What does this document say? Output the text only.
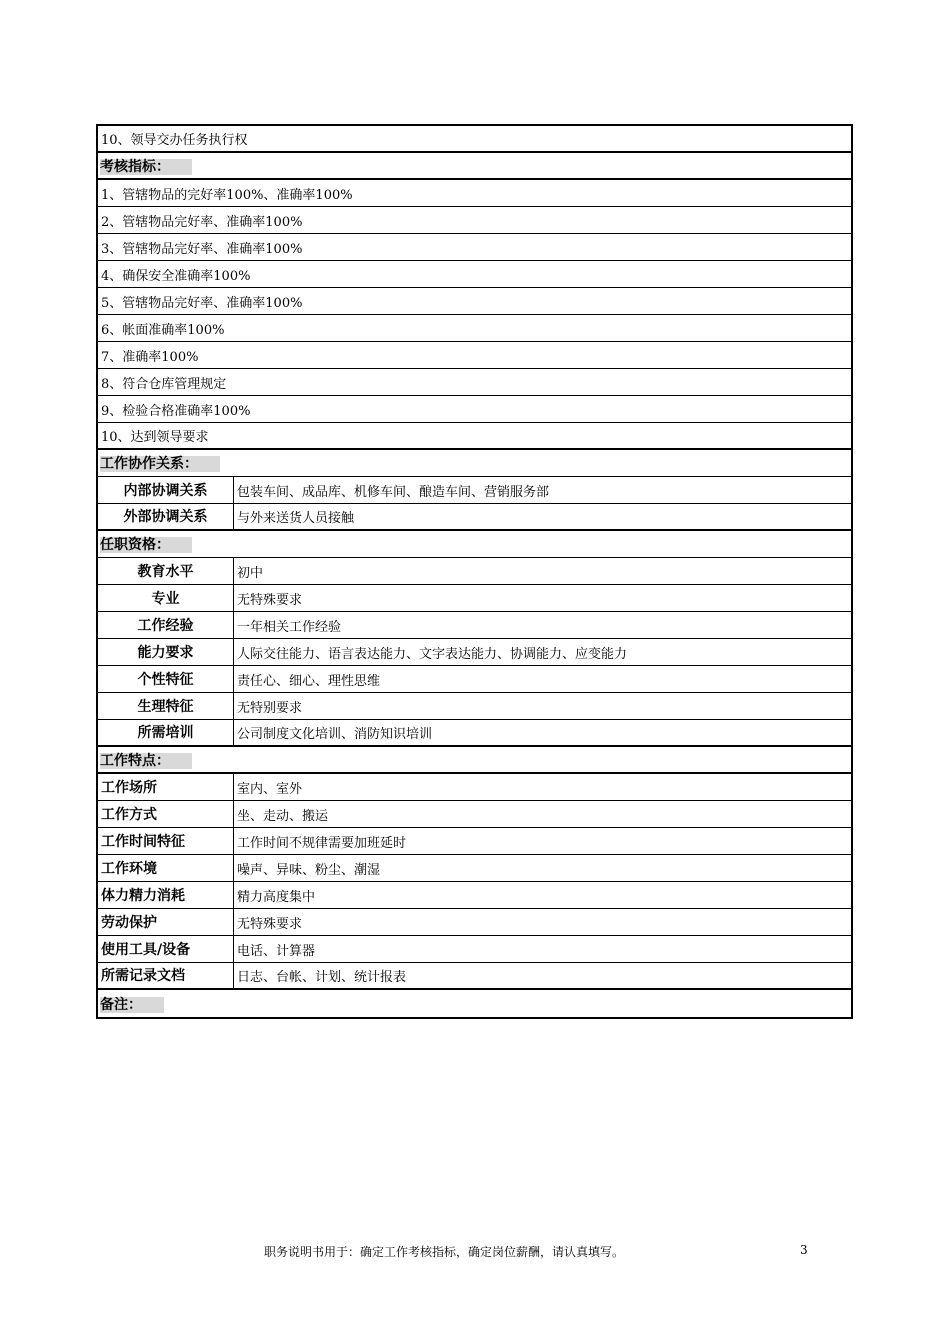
10、领导交办任务执行权
考核指标：
1、管辖物品的完好率100%、准确率100%
2、管辖物品完好率、准确率100%
3、管辖物品完好率、准确率100%
4、确保安全准确率100%
5、管辖物品完好率、准确率100%
6、帐面准确率100%
7、准确率100%
8、符合仓库管理规定
9、检验合格准确率100%
10、达到领导要求
工作协作关系：
内部协调关系	包装车间、成品库、机修车间、酿造车间、营销服务部
外部协调关系	与外来送货人员接触
任职资格：
教育水平	初中
专业	无特殊要求
工作经验	一年相关工作经验
能力要求	人际交往能力、语言表达能力、文字表达能力、协调能力、应变能力
个性特征	责任心、细心、理性思维
生理特征	无特别要求
所需培训	公司制度文化培训、消防知识培训
工作特点：
工作场所	室内、室外
工作方式	坐、走动、搬运
工作时间特征	工作时间不规律需要加班延时
工作环境	噪声、异味、粉尘、潮湿
体力精力消耗	精力高度集中
劳动保护	无特殊要求
使用工具/设备	电话、计算器
所需记录文档	日志、台帐、计划、统计报表
备注：
职务说明书用于：确定工作考核指标，确定岗位薪酬，请认真填写。	3
